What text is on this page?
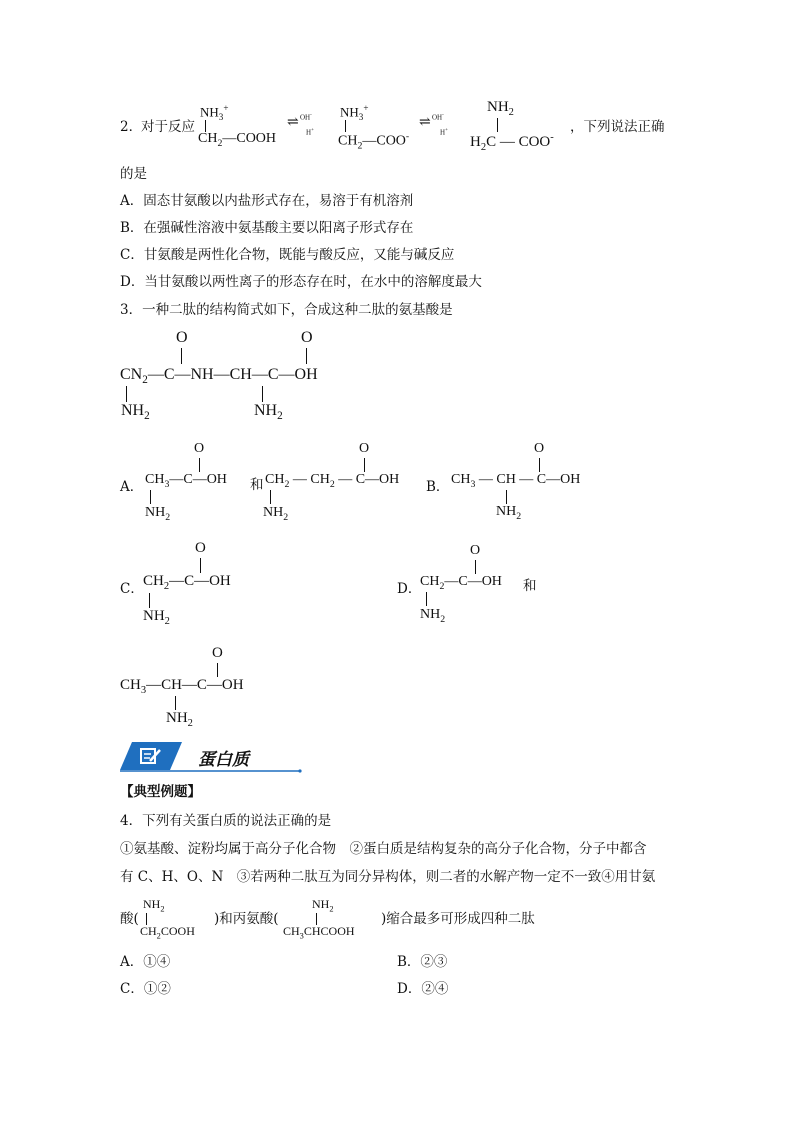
2．
对于反应
$NH_3^+$
$CH_2—COOH$
OH-
⇌
H+
$NH_3^+$
$CH_2—COO^-$
OH-
⇌
H+
$NH_2$
$H_2C$ — COO-
，下列说法正确
的是
A．固态甘氨酸以内盐形式存在，易溶于有机溶剂
B．在强碱性溶液中氨基酸主要以阳离子形式存在
C．甘氨酸是两性化合物，既能与酸反应，又能与碱反应
D．当甘氨酸以两性离子的形态存在时，在水中的溶解度最大
3．一种二肽的结构简式如下，合成这种二肽的氨基酸是
O	O
$CN_2—C—NH—CH—C—OH$
$NH_2$	$NH_2$
A．
O
$CH_3—C—OH$ 和
$NH_2$
O
$CH_2$ — $CH_2$ — C—OH
$NH_2$
B．
O
$CH_3$ — CH — C—OH
$NH_2$
C．
O
$CH_2—C—OH$
$NH_2$
D．
O
$CH_2—C—OH$ 和
$NH_2$
O
$CH_3—CH—C—OH$
$NH_2$
蛋白质
【典型例题】
4．下列有关蛋白质的说法正确的是
①氨基酸、淀粉均属于高分子化合物　②蛋白质是结构复杂的高分子化合物，分子中都含
有 C、H、O、N　③若两种二肽互为同分异构体，则二者的水解产物一定不一致④用甘氨
酸(
$NH_2$
$CH_2COOH$
)和丙氨酸(
$NH_2$
$CH_3CHCOOH$
)缩合最多可形成四种二肽
A．①④	B．②③
C．①②	D．②④
